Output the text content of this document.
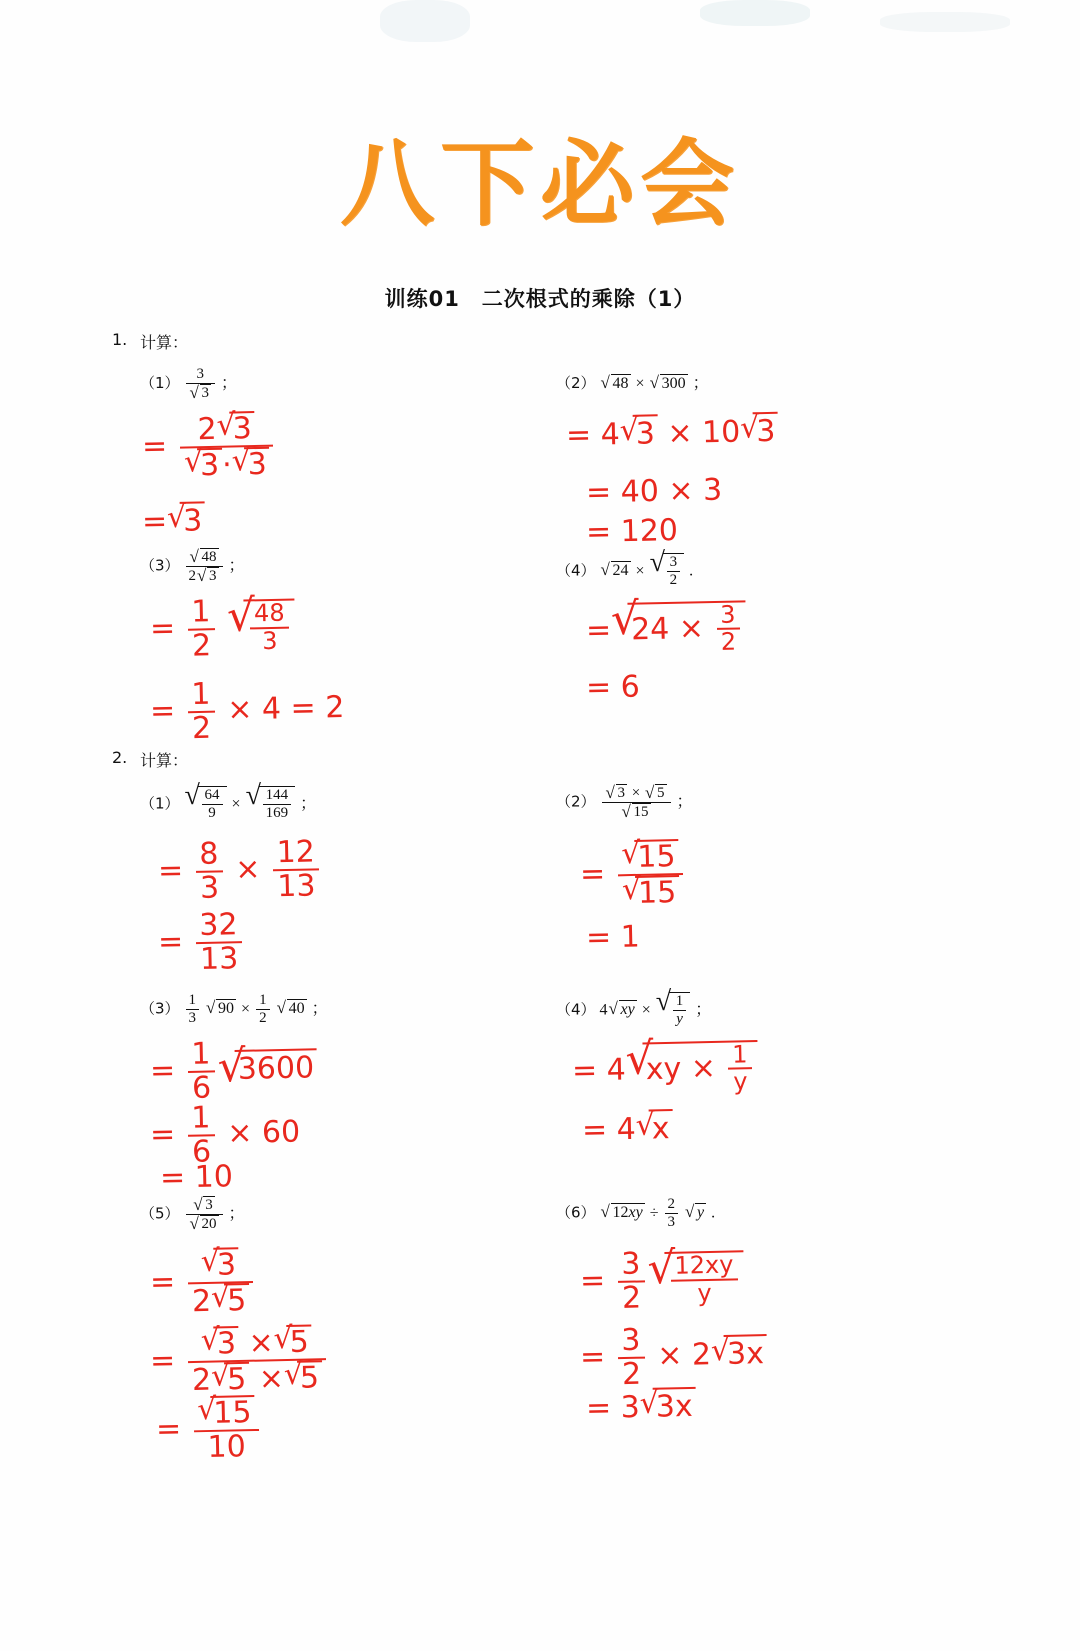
八下必会
训练01　二次根式的乘除（1）
1. 计算：
（1） 3
√ 3 ；
= 2 √ 3
√ 3· √ 3
= √ 3
（2） √ 48 × √ 300 ；
= 4 √ 3 × 10 √ 3
= 40 × 3
= 120
（3） √ $\frac{48}{2 √ 3}$ ；
= $\frac{1}{2}$
√ $\frac{48}{3}$
= $\frac{1}{2} \times 4 = 2$
（4） √ 24 × √ $\frac{3}{2}$ .
= √ $24 \times \frac{3}{2}$
= 6
2. 计算：
（1） √ $\frac{64}{9}$ × √ $\frac{144}{169}$ ；
= $\frac{8}{3} \times \frac{12}{13}$
= $\frac{32}{13}$
（2） √ 3 × √ 5
√ 15 ；
= √ 15
√ 15
= 1
$(3) \frac{1}{3}$ √ $90 \times \frac{1}{2}$ √ 40 ；
= $\frac{1}{6}$ √ 3600
= $\frac{1}{6} \times 60$
= 10
（4） 4 √ xy × √ $\frac{1}{y}$ ；
= 4 √ xy × $\frac{1}{y}$
= 4 √ x
（5） √ 3
√ 20 ；
= √ $\frac{3}{2 √ 5}$
= √ $\frac{3 \times √ 5}{2 √ 5 \times √ 5}$
= √ $\frac{15}{10}$
（6） √ $12xy \div \frac{2}{3}$ √ y .
= $\frac{3}{2}$ √ $\frac{12xy}{y}$
= $\frac{3}{2} \times 2$ √ 3x
= 3 √ 3x
